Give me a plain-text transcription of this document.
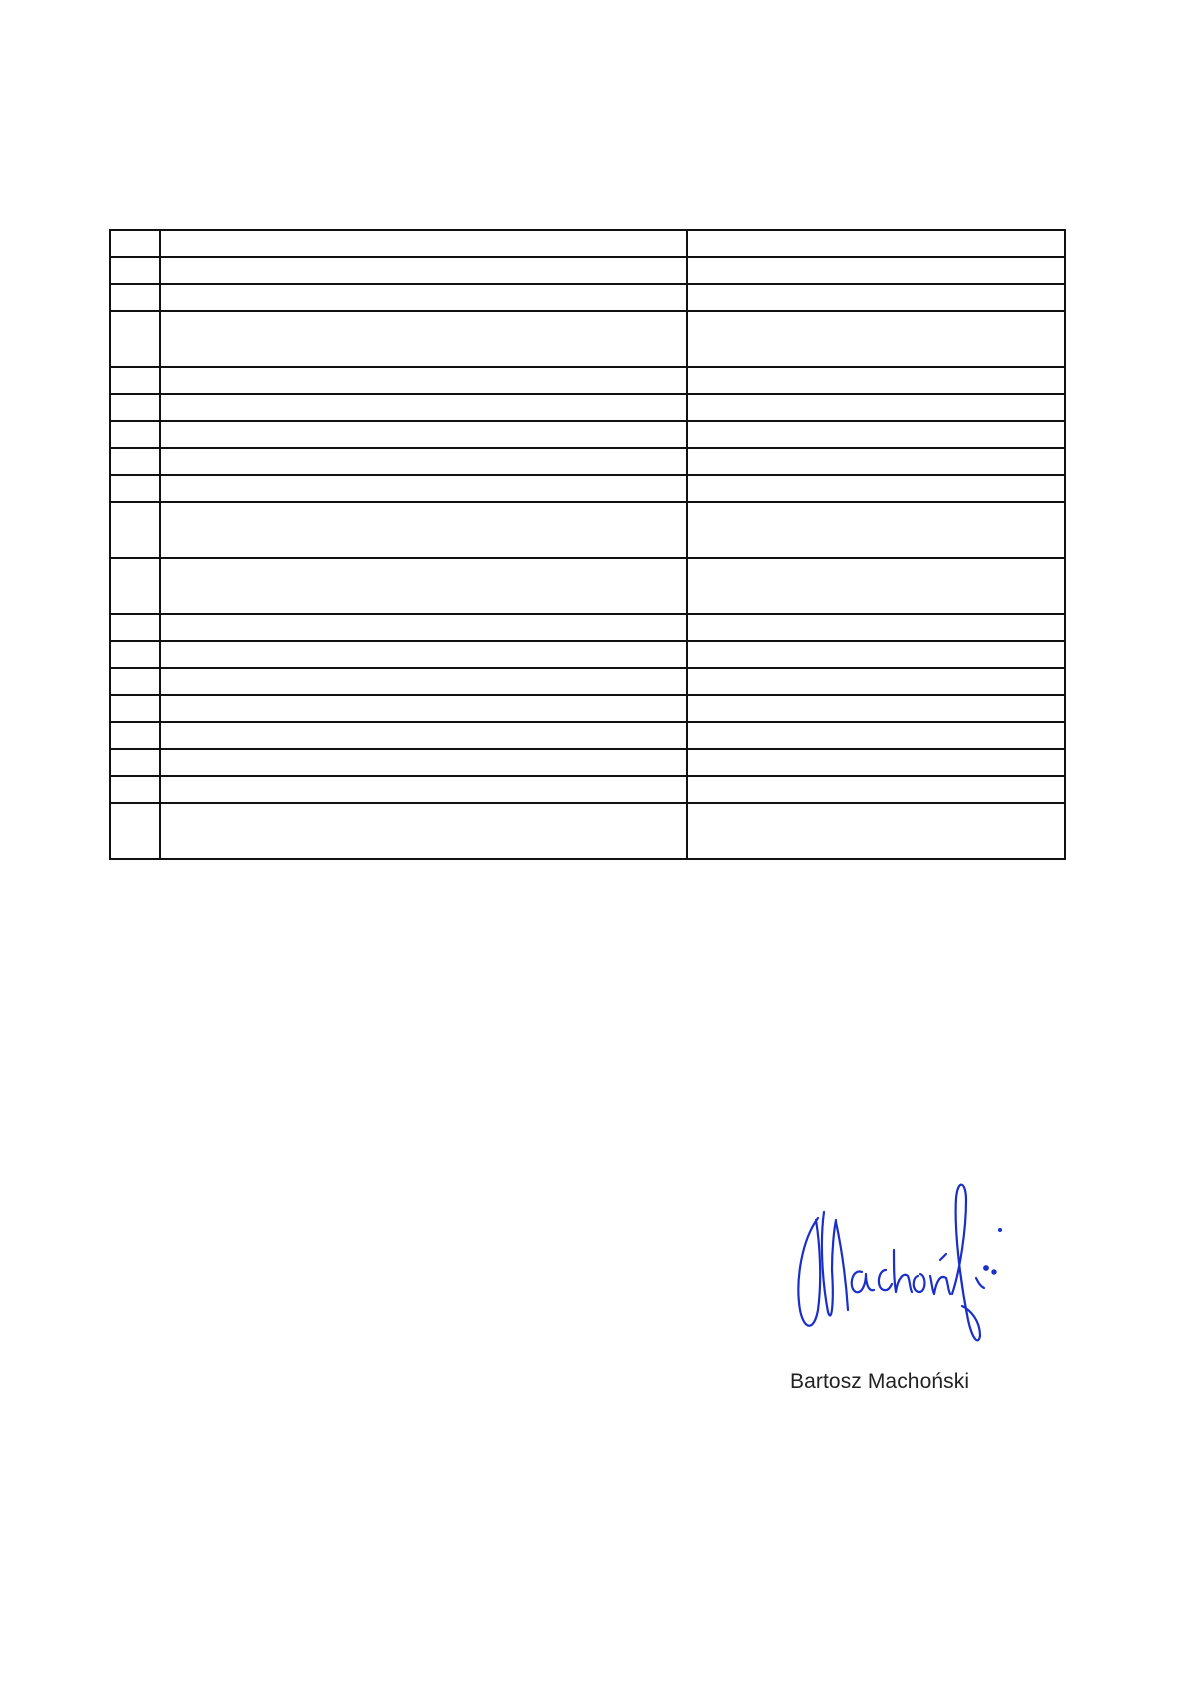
Bartosz Machoński
